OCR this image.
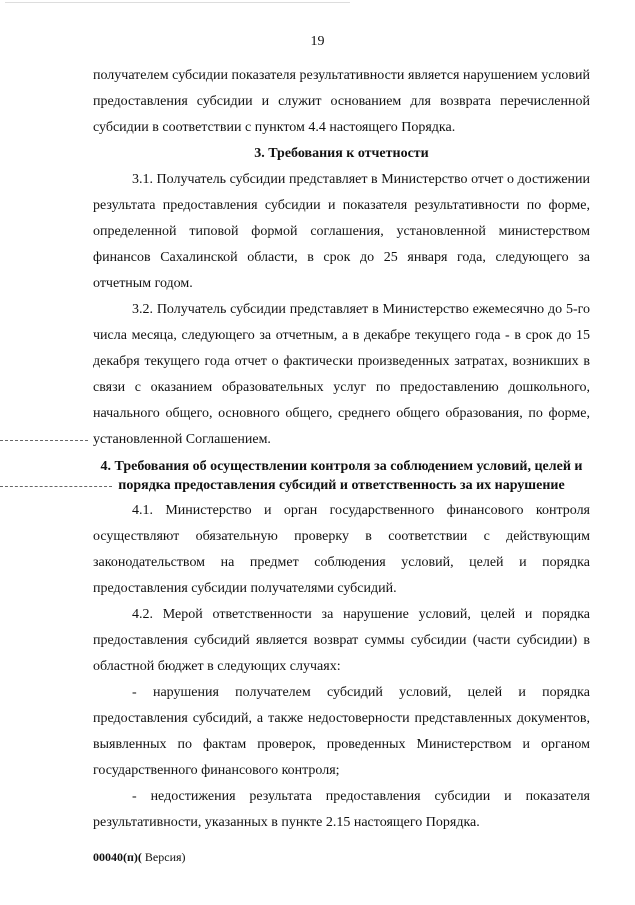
19

получателем субсидии показателя результативности является нарушением условий предоставления субсидии и служит основанием для возврата перечисленной субсидии в соответствии с пунктом 4.4 настоящего Порядка.

3. Требования к отчетности

3.1. Получатель субсидии представляет в Министерство отчет о достижении результата предоставления субсидии и показателя результативности по форме, определенной типовой формой соглашения, установленной министерством финансов Сахалинской области, в срок до 25 января года, следующего за отчетным годом.

3.2. Получатель субсидии представляет в Министерство ежемесячно до 5-го числа месяца, следующего за отчетным, а в декабре текущего года - в срок до 15 декабря текущего года отчет о фактически произведенных затратах, возникших в связи с оказанием образовательных услуг по предоставлению дошкольного, начального общего, основного общего, среднего общего образования, по форме, установленной Соглашением.

4. Требования об осуществлении контроля за соблюдением условий, целей и порядка предоставления субсидий и ответственность за их нарушение

4.1. Министерство и орган государственного финансового контроля осуществляют обязательную проверку в соответствии с действующим законодательством на предмет соблюдения условий, целей и порядка предоставления субсидии получателями субсидий.

4.2. Мерой ответственности за нарушение условий, целей и порядка предоставления субсидий является возврат суммы субсидии (части субсидии) в областной бюджет в следующих случаях:

- нарушения получателем субсидий условий, целей и порядка предоставления субсидий, а также недостоверности представленных документов, выявленных по фактам проверок, проведенных Министерством и органом государственного финансового контроля;

- недостижения результата предоставления субсидии и показателя результативности, указанных в пункте 2.15 настоящего Порядка.

00040(п)( Версия)
